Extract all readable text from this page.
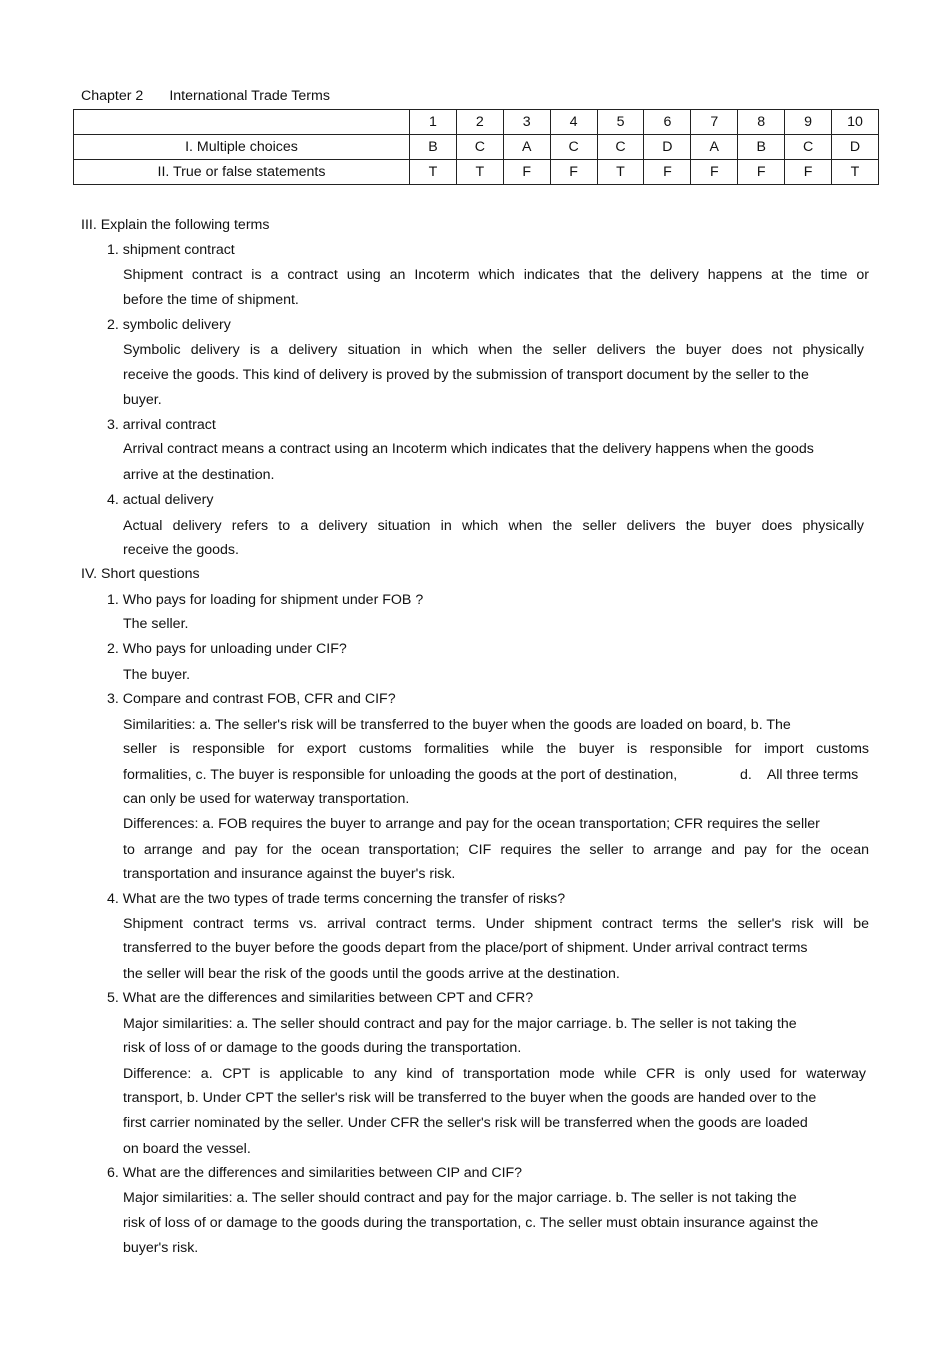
Chapter 2 International Trade Terms
	1	2	3	4	5	6	7	8	9	10
I. Multiple choices	B	C	A	C	C	D	A	B	C	D
II. True or false statements	T	T	F	F	T	F	F	F	F	T
III. Explain the following terms
1. shipment contract
Shipment contract is a contract using an Incoterm which indicates that the delivery happens at the time or
before the time of shipment.
2. symbolic delivery
Symbolic delivery is a delivery situation in which when the seller delivers the buyer does not physically
receive the goods. This kind of delivery is proved by the submission of transport document by the seller to the
buyer.
3. arrival contract
Arrival contract means a contract using an Incoterm which indicates that the delivery happens when the goods
arrive at the destination.
4. actual delivery
Actual delivery refers to a delivery situation in which when the seller delivers the buyer does physically
receive the goods.
IV. Short questions
1. Who pays for loading for shipment under FOB ?
The seller.
2. Who pays for unloading under CIF?
The buyer.
3. Compare and contrast FOB, CFR and CIF?
Similarities: a. The seller's risk will be transferred to the buyer when the goods are loaded on board, b. The
seller is responsible for export customs formalities while the buyer is responsible for import customs
formalities, c. The buyer is responsible for unloading the goods at the port of destination,	d.    All three terms
can only be used for waterway transportation.
Differences: a. FOB requires the buyer to arrange and pay for the ocean transportation; CFR requires the seller
to arrange and pay for the ocean transportation; CIF requires the seller to arrange and pay for the ocean
transportation and insurance against the buyer's risk.
4. What are the two types of trade terms concerning the transfer of risks?
Shipment contract terms vs. arrival contract terms. Under shipment contract terms the seller's risk will be
transferred to the buyer before the goods depart from the place/port of shipment. Under arrival contract terms
the seller will bear the risk of the goods until the goods arrive at the destination.
5. What are the differences and similarities between CPT and CFR?
Major similarities: a. The seller should contract and pay for the major carriage. b. The seller is not taking the
risk of loss of or damage to the goods during the transportation.
Difference: a. CPT is applicable to any kind of transportation mode while CFR is only used for waterway
transport, b. Under CPT the seller's risk will be transferred to the buyer when the goods are handed over to the
first carrier nominated by the seller. Under CFR the seller's risk will be transferred when the goods are loaded
on board the vessel.
6. What are the differences and similarities between CIP and CIF?
Major similarities: a. The seller should contract and pay for the major carriage. b. The seller is not taking the
risk of loss of or damage to the goods during the transportation, c. The seller must obtain insurance against the
buyer's risk.
